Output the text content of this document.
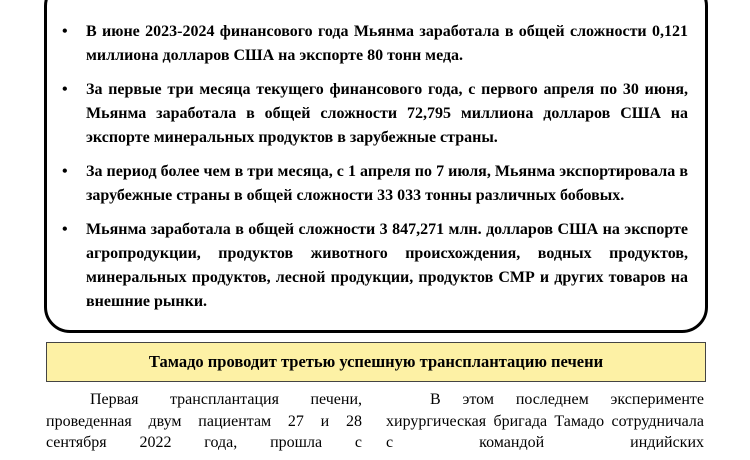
• В июне 2023-2024 финансового года Мьянма заработала в общей сложности 0,121 миллиона долларов США на экспорте 80 тонн меда.
• За первые три месяца текущего финансового года, с первого апреля по 30 июня, Мьянма заработала в общей сложности 72,795 миллиона долларов США на экспорте минеральных продуктов в зарубежные страны.
• За период более чем в три месяца, с 1 апреля по 7 июля, Мьянма экспортировала в зарубежные страны в общей сложности 33 033 тонны различных бобовых.
• Мьянма заработала в общей сложности 3 847,271 млн. долларов США на экспорте агропродукции, продуктов животного происхождения, водных продуктов, минеральных продуктов, лесной продукции, продуктов СМР и других товаров на внешние рынки.
Тамадо проводит третью успешную трансплантацию печени

Первая трансплантация печени, проведенная двум пациентам 27 и 28 сентября 2022 года, прошла с

В этом последнем эксперименте хирургическая бригада Тамадо сотрудничала с командой индийских
